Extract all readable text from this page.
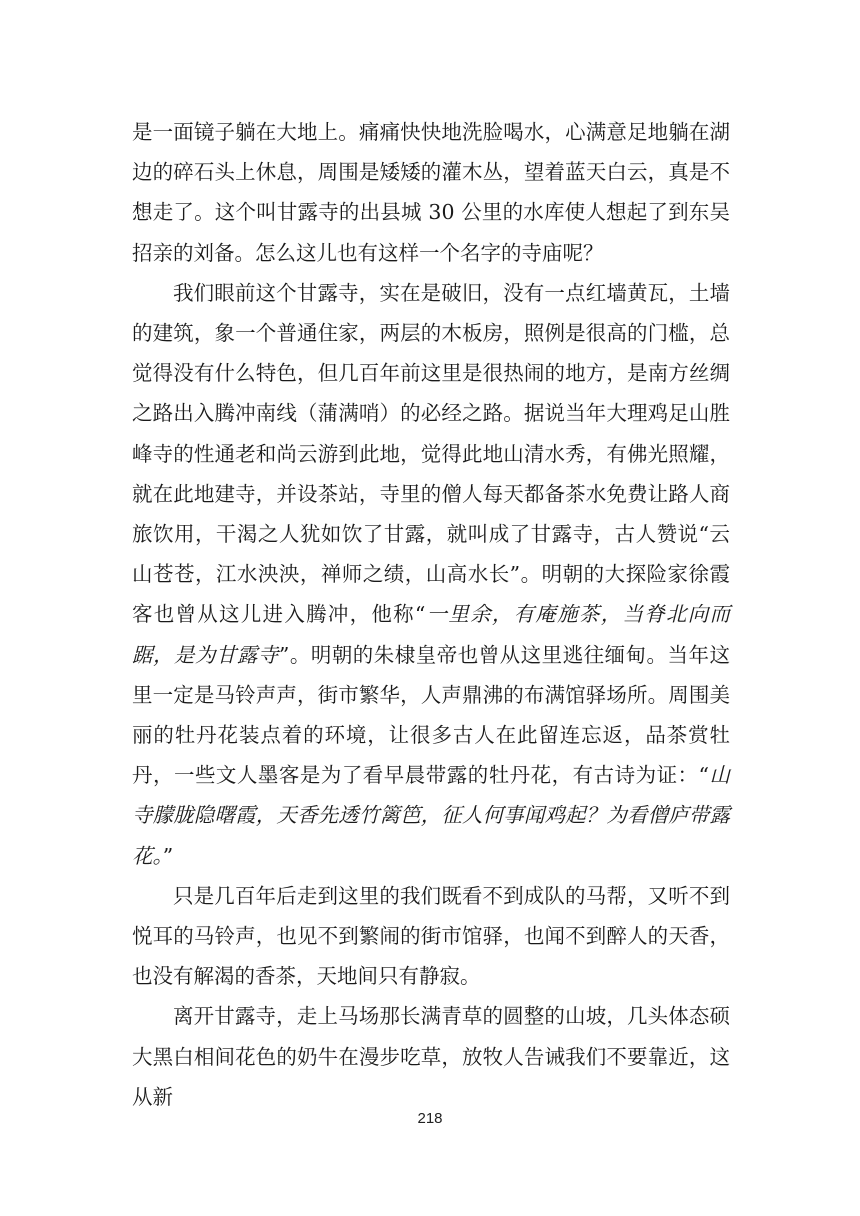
是一面镜子躺在大地上。痛痛快快地洗脸喝水，心满意足地躺在湖边的碎石头上休息，周围是矮矮的灌木丛，望着蓝天白云，真是不想走了。这个叫甘露寺的出县城 30 公里的水库使人想起了到东吴招亲的刘备。怎么这儿也有这样一个名字的寺庙呢？

我们眼前这个甘露寺，实在是破旧，没有一点红墙黄瓦，土墙的建筑，象一个普通住家，两层的木板房，照例是很高的门槛，总觉得没有什么特色，但几百年前这里是很热闹的地方，是南方丝绸之路出入腾冲南线（蒲满哨）的必经之路。据说当年大理鸡足山胜峰寺的性通老和尚云游到此地，觉得此地山清水秀，有佛光照耀，就在此地建寺，并设茶站，寺里的僧人每天都备茶水免费让路人商旅饮用，干渴之人犹如饮了甘露，就叫成了甘露寺，古人赞说“云山苍苍，江水泱泱，禅师之绩，山高水长”。明朝的大探险家徐霞客也曾从这儿进入腾冲，他称“一里余，有庵施茶，当脊北向而踞，是为甘露寺”。明朝的朱棣皇帝也曾从这里逃往缅甸。当年这里一定是马铃声声，街市繁华，人声鼎沸的布满馆驿场所。周围美丽的牡丹花装点着的环境，让很多古人在此留连忘返，品茶赏牡丹，一些文人墨客是为了看早晨带露的牡丹花，有古诗为证：“山寺朦胧隐曙霞，天香先透竹篱笆，征人何事闻鸡起？为看僧庐带露花。”

只是几百年后走到这里的我们既看不到成队的马帮，又听不到悦耳的马铃声，也见不到繁闹的街市馆驿，也闻不到醉人的天香，也没有解渴的香茶，天地间只有静寂。

离开甘露寺，走上马场那长满青草的圆整的山坡，几头体态硕大黑白相间花色的奶牛在漫步吃草，放牧人告诫我们不要靠近，这从新

218
